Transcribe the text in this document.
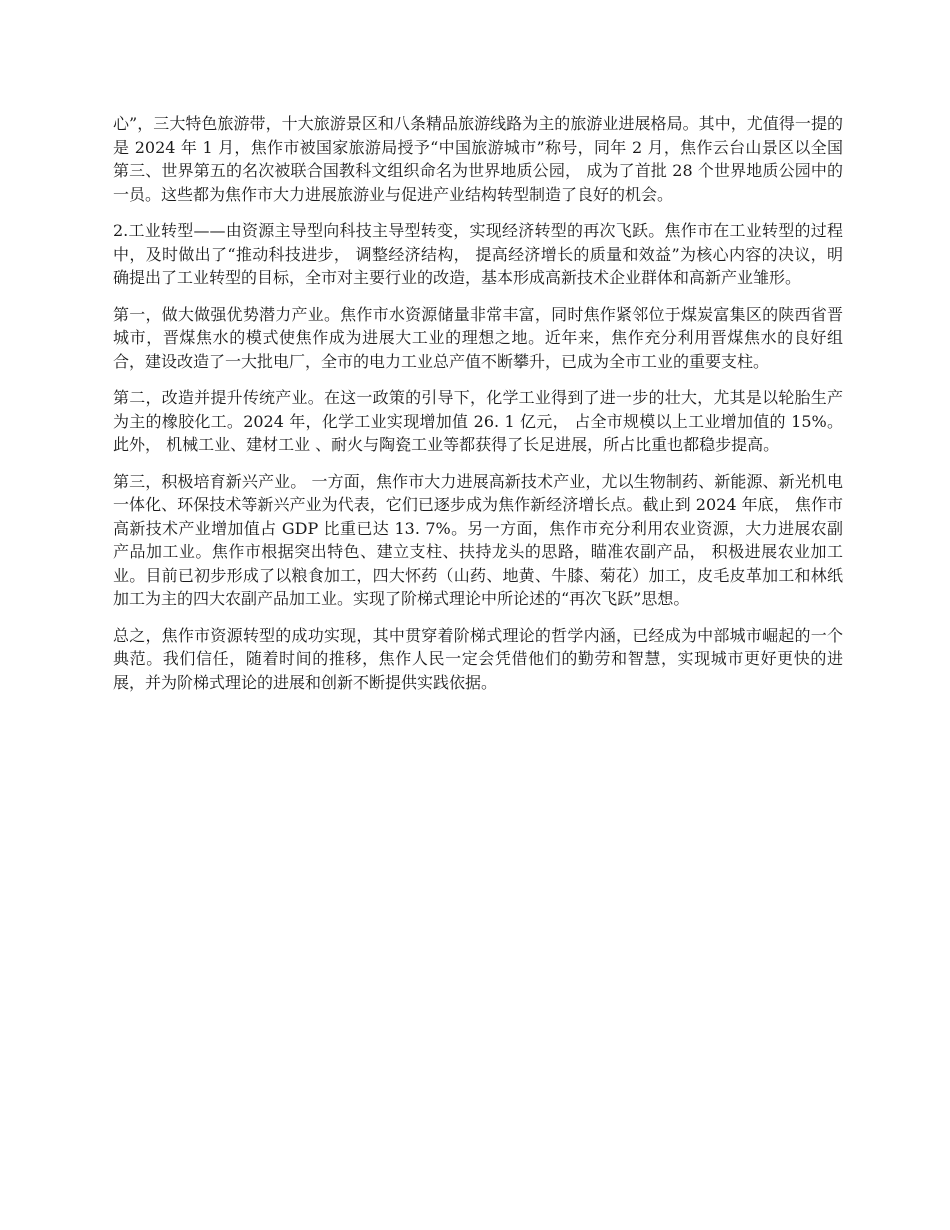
心”，三大特色旅游带，十大旅游景区和八条精品旅游线路为主的旅游业进展格局。其中，尤值得一提的是 2024 年 1 月，焦作市被国家旅游局授予“中国旅游城市”称号，同年 2 月，焦作云台山景区以全国第三、世界第五的名次被联合国教科文组织命名为世界地质公园， 成为了首批 28 个世界地质公园中的一员。这些都为焦作市大力进展旅游业与促进产业结构转型制造了良好的机会。

2.工业转型——由资源主导型向科技主导型转变，实现经济转型的再次飞跃。焦作市在工业转型的过程中，及时做出了“推动科技进步， 调整经济结构， 提高经济增长的质量和效益”为核心内容的决议，明确提出了工业转型的目标，全市对主要行业的改造，基本形成高新技术企业群体和高新产业雏形。

第一，做大做强优势潜力产业。焦作市水资源储量非常丰富，同时焦作紧邻位于煤炭富集区的陕西省晋城市，晋煤焦水的模式使焦作成为进展大工业的理想之地。近年来，焦作充分利用晋煤焦水的良好组合，建设改造了一大批电厂，全市的电力工业总产值不断攀升，已成为全市工业的重要支柱。

第二，改造并提升传统产业。在这一政策的引导下，化学工业得到了进一步的壮大，尤其是以轮胎生产为主的橡胶化工。2024 年，化学工业实现增加值 26. 1 亿元， 占全市规模以上工业增加值的 15%。此外， 机械工业、建材工业 、耐火与陶瓷工业等都获得了长足进展，所占比重也都稳步提高。

第三，积极培育新兴产业。 一方面，焦作市大力进展高新技术产业，尤以生物制药、新能源、新光机电一体化、环保技术等新兴产业为代表，它们已逐步成为焦作新经济增长点。截止到 2024 年底， 焦作市高新技术产业增加值占 GDP 比重已达 13. 7%。另一方面，焦作市充分利用农业资源，大力进展农副产品加工业。焦作市根据突出特色、建立支柱、扶持龙头的思路，瞄准农副产品， 积极进展农业加工业。目前已初步形成了以粮食加工，四大怀药（山药、地黄、牛膝、菊花）加工，皮毛皮革加工和林纸加工为主的四大农副产品加工业。实现了阶梯式理论中所论述的“再次飞跃”思想。

总之，焦作市资源转型的成功实现，其中贯穿着阶梯式理论的哲学内涵，已经成为中部城市崛起的一个典范。我们信任，随着时间的推移，焦作人民一定会凭借他们的勤劳和智慧，实现城市更好更快的进展，并为阶梯式理论的进展和创新不断提供实践依据。
